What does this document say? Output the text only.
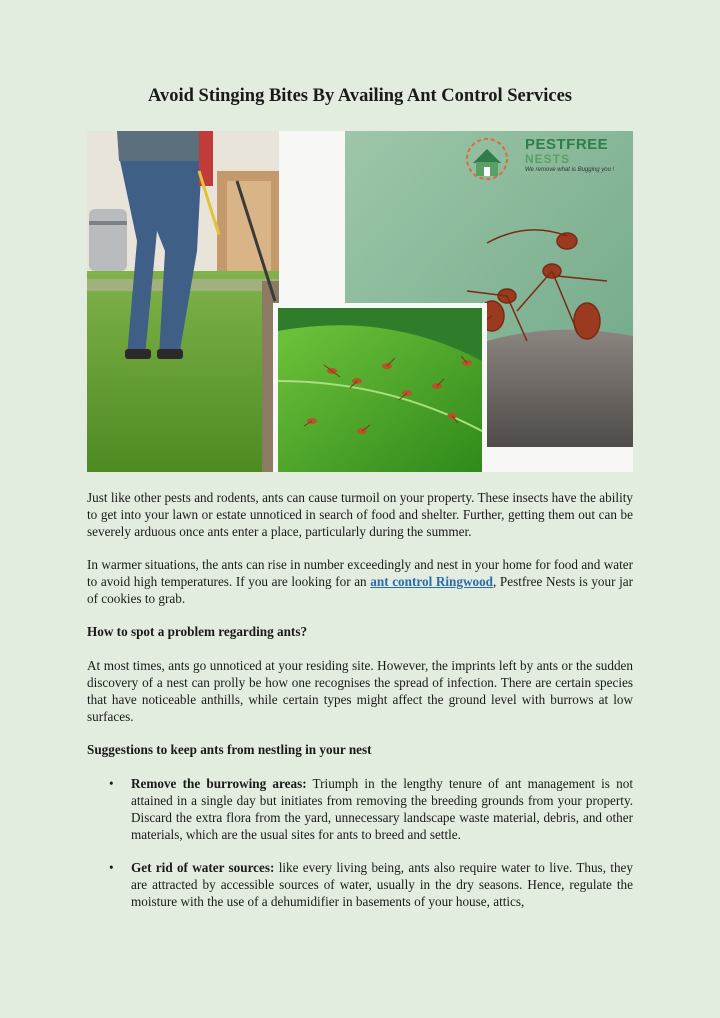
Avoid Stinging Bites By Availing Ant Control Services
PESTFREE
NESTS
We remove what is Bugging you !

Just like other pests and rodents, ants can cause turmoil on your property. These insects have the ability to get into your lawn or estate unnoticed in search of food and shelter. Further, getting them out can be severely arduous once ants enter a place, particularly during the summer.

In warmer situations, the ants can rise in number exceedingly and nest in your home for food and water to avoid high temperatures. If you are looking for an ant control Ringwood, Pestfree Nests is your jar of cookies to grab.

How to spot a problem regarding ants?

At most times, ants go unnoticed at your residing site. However, the imprints left by ants or the sudden discovery of a nest can prolly be how one recognises the spread of infection. There are certain species that have noticeable anthills, while certain types might affect the ground level with burrows at low surfaces.

Suggestions to keep ants from nestling in your nest

• Remove the burrowing areas: Triumph in the lengthy tenure of ant management is not attained in a single day but initiates from removing the breeding grounds from your property. Discard the extra flora from the yard, unnecessary landscape waste material, debris, and other materials, which are the usual sites for ants to breed and settle.
• Get rid of water sources: like every living being, ants also require water to live. Thus, they are attracted by accessible sources of water, usually in the dry seasons. Hence, regulate the moisture with the use of a dehumidifier in basements of your house, attics,
